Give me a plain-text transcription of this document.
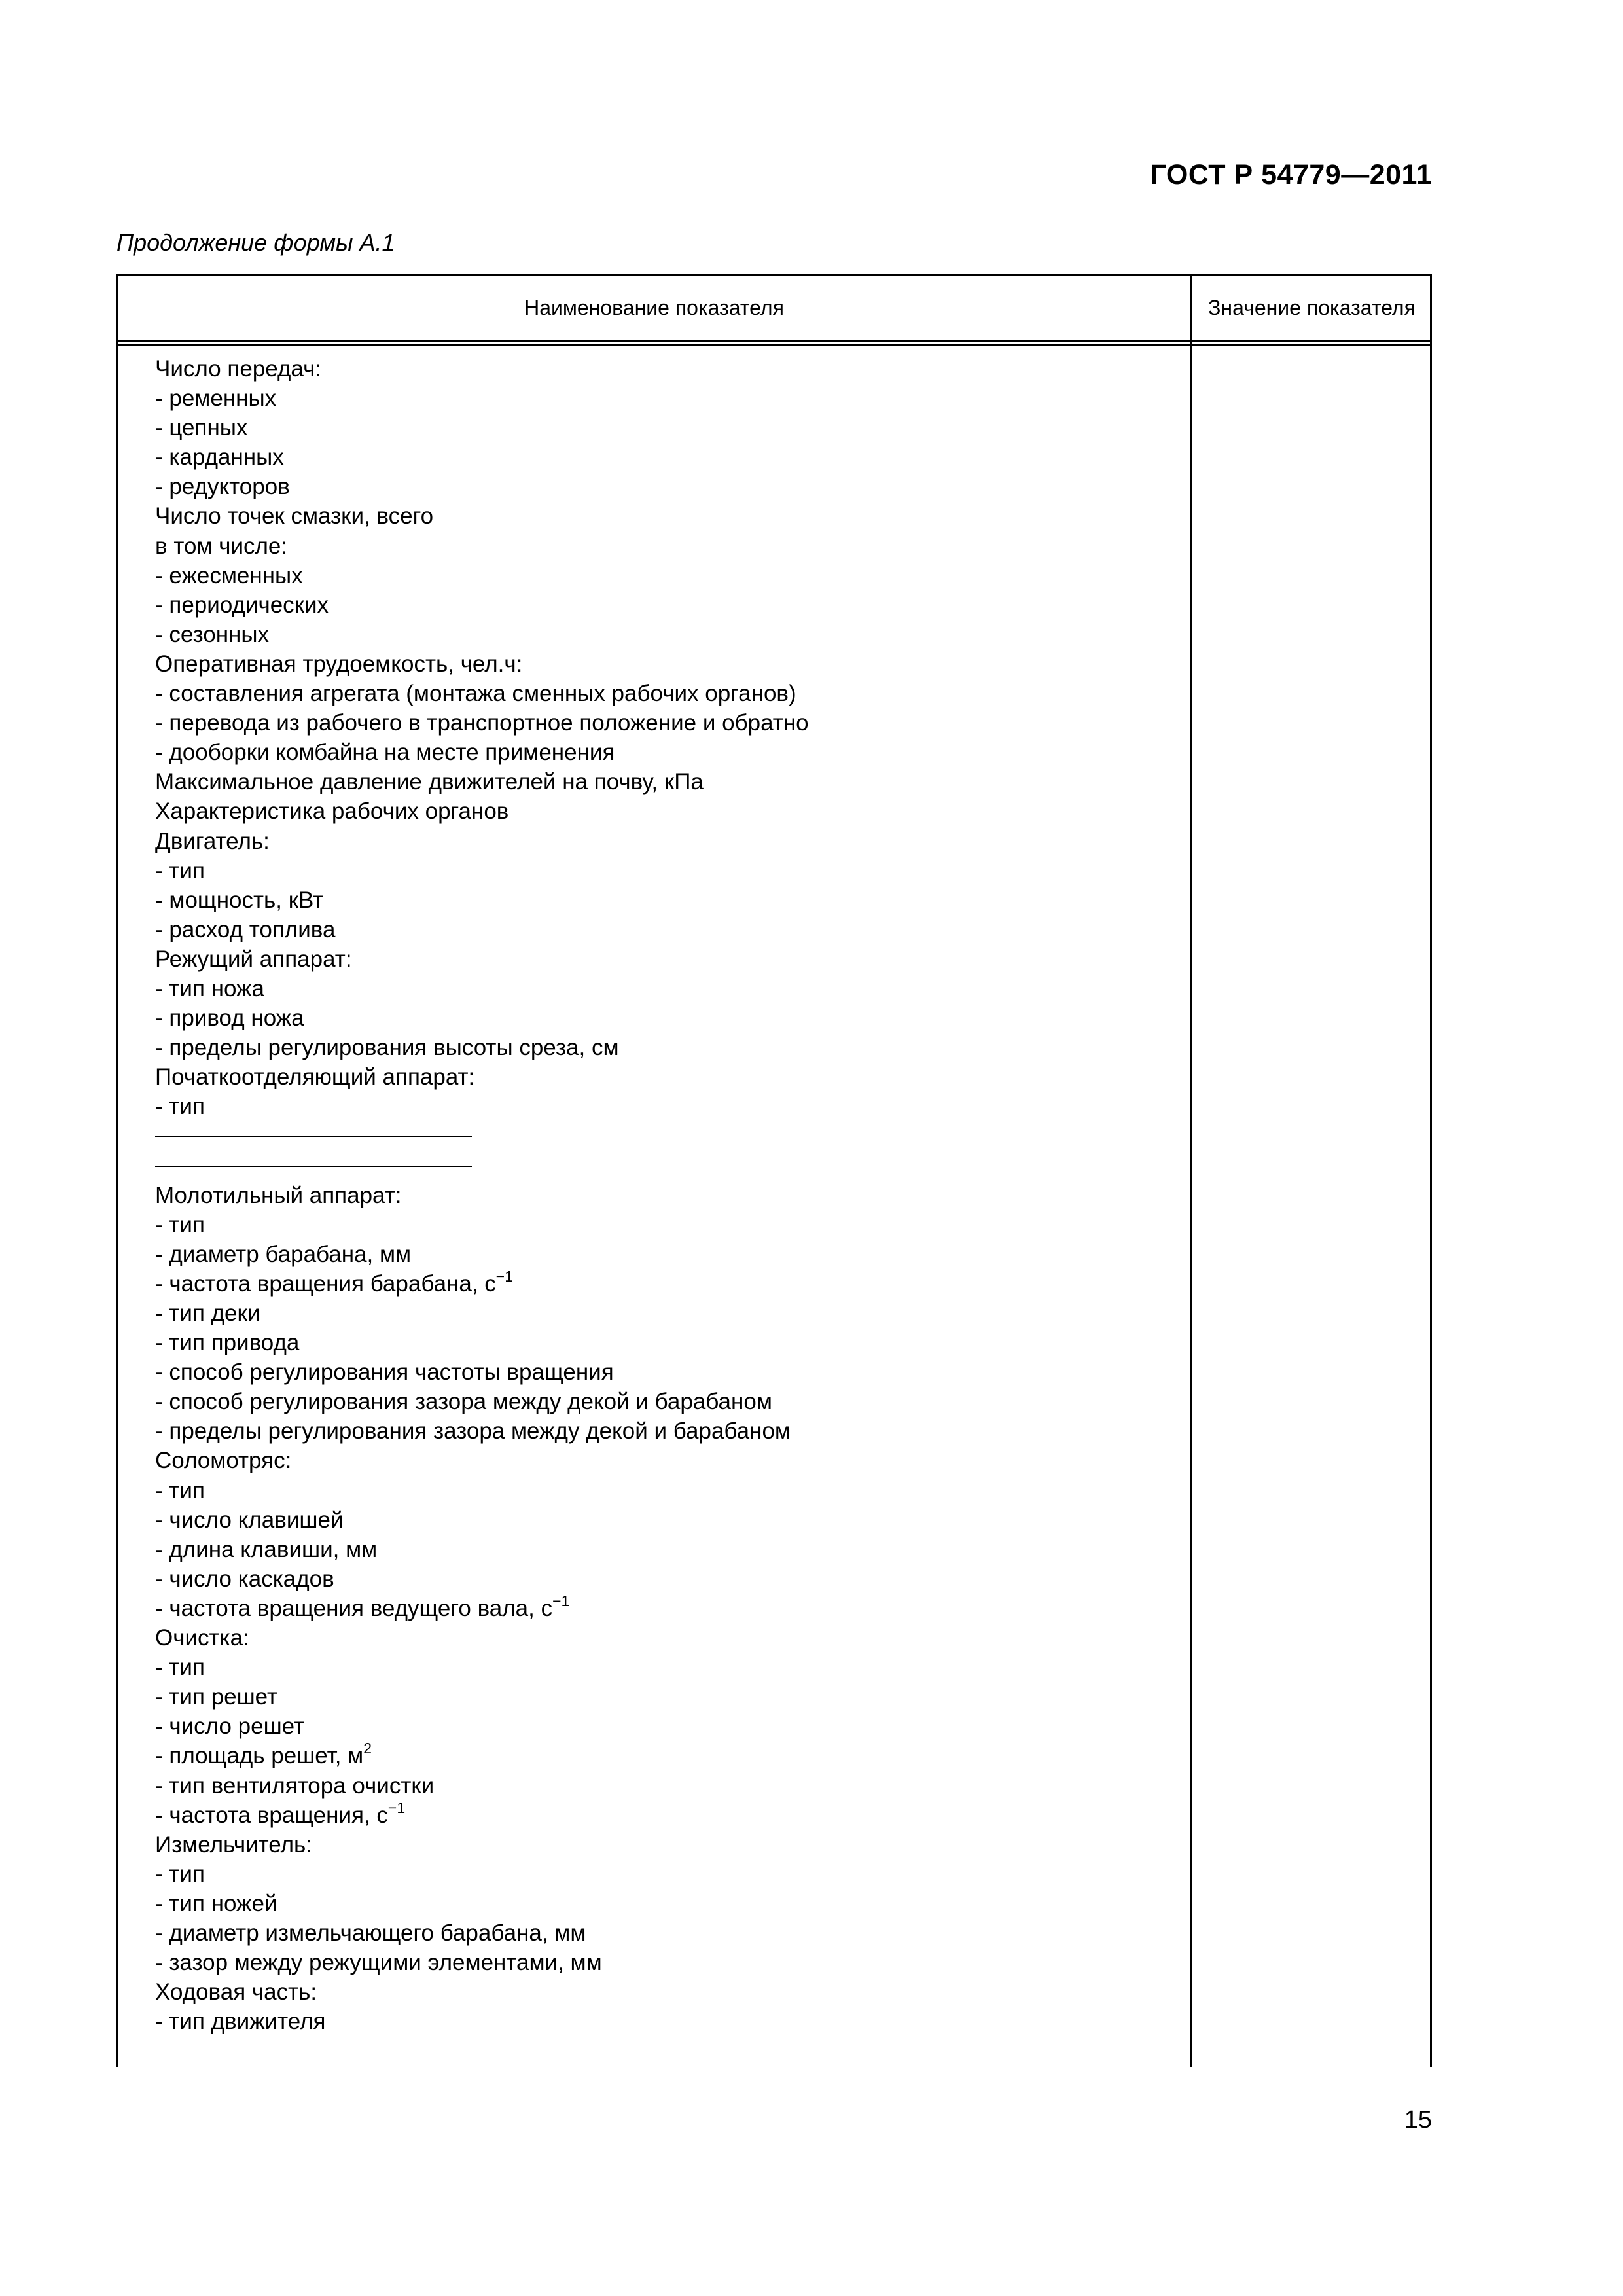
ГОСТ Р 54779—2011
Продолжение формы А.1
Наименование показателя	Значение показателя
Число передач:
- ременных
- цепных
- карданных
- редукторов
Число точек смазки, всего
в том числе:
- ежесменных
- периодических
- сезонных
Оперативная трудоемкость, чел.ч:
- составления агрегата (монтажа сменных рабочих органов)
- перевода из рабочего в транспортное положение и обратно
- дооборки комбайна на месте применения
Максимальное давление движителей на почву, кПа
Характеристика рабочих органов
Двигатель:
- тип
- мощность, кВт
- расход топлива
Режущий аппарат:
- тип ножа
- привод ножа
- пределы регулирования высоты среза, см
Початкоотделяющий аппарат:
- тип
Молотильный аппарат:
- тип
- диаметр барабана, мм
- частота вращения барабана, $с^{-1}$
- тип деки
- тип привода
- способ регулирования частоты вращения
- способ регулирования зазора между декой и барабаном
- пределы регулирования зазора между декой и барабаном
Соломотряс:
- тип
- число клавишей
- длина клавиши, мм
- число каскадов
- частота вращения ведущего вала, $с^{-1}$
Очистка:
- тип
- тип решет
- число решет
- площадь решет, $м^2$
- тип вентилятора очистки
- частота вращения, $с^{-1}$
Измельчитель:
- тип
- тип ножей
- диаметр измельчающего барабана, мм
- зазор между режущими элементами, мм
Ходовая часть:
- тип движителя
15
